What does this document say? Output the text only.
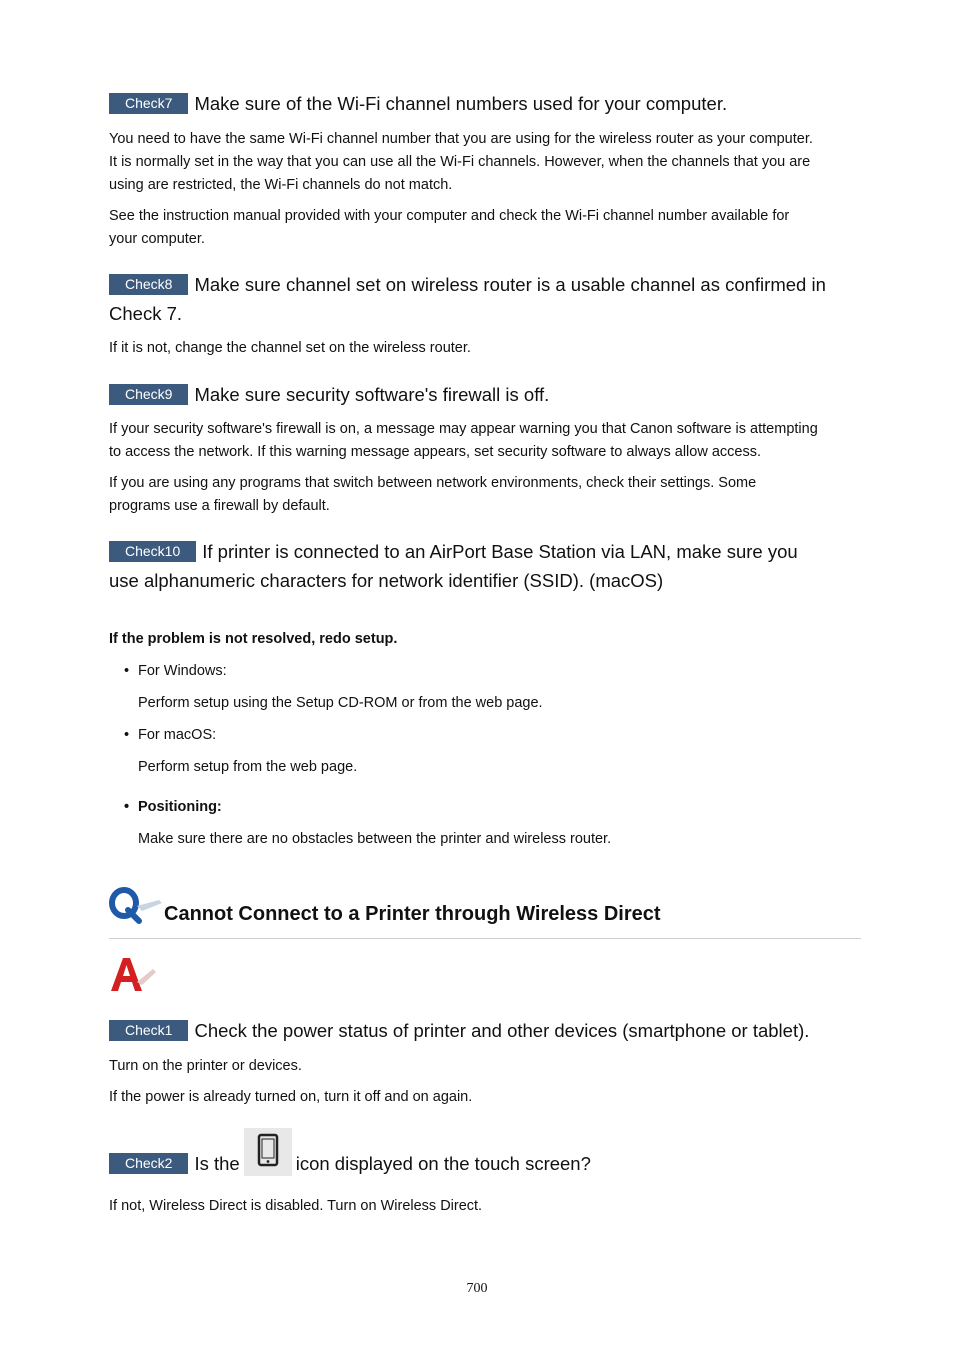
Check7 Make sure of the Wi-Fi channel numbers used for your computer.
You need to have the same Wi-Fi channel number that you are using for the wireless router as your computer.
It is normally set in the way that you can use all the Wi-Fi channels. However, when the channels that you are
using are restricted, the Wi-Fi channels do not match.
See the instruction manual provided with your computer and check the Wi-Fi channel number available for
your computer.
Check8 Make sure channel set on wireless router is a usable channel as confirmed in
Check 7.
If it is not, change the channel set on the wireless router.
Check9 Make sure security software's firewall is off.
If your security software's firewall is on, a message may appear warning you that Canon software is attempting
to access the network. If this warning message appears, set security software to always allow access.
If you are using any programs that switch between network environments, check their settings. Some
programs use a firewall by default.
Check10 If printer is connected to an AirPort Base Station via LAN, make sure you
use alphanumeric characters for network identifier (SSID). (macOS)
If the problem is not resolved, redo setup.
• For Windows:
Perform setup using the Setup CD-ROM or from the web page.
• For macOS:
Perform setup from the web page.
• Positioning:
Make sure there are no obstacles between the printer and wireless router.
Cannot Connect to a Printer through Wireless Direct
Check1 Check the power status of printer and other devices (smartphone or tablet).
Turn on the printer or devices.
If the power is already turned on, turn it off and on again.
Check2 Is the	icon displayed on the touch screen?
If not, Wireless Direct is disabled. Turn on Wireless Direct.
700
